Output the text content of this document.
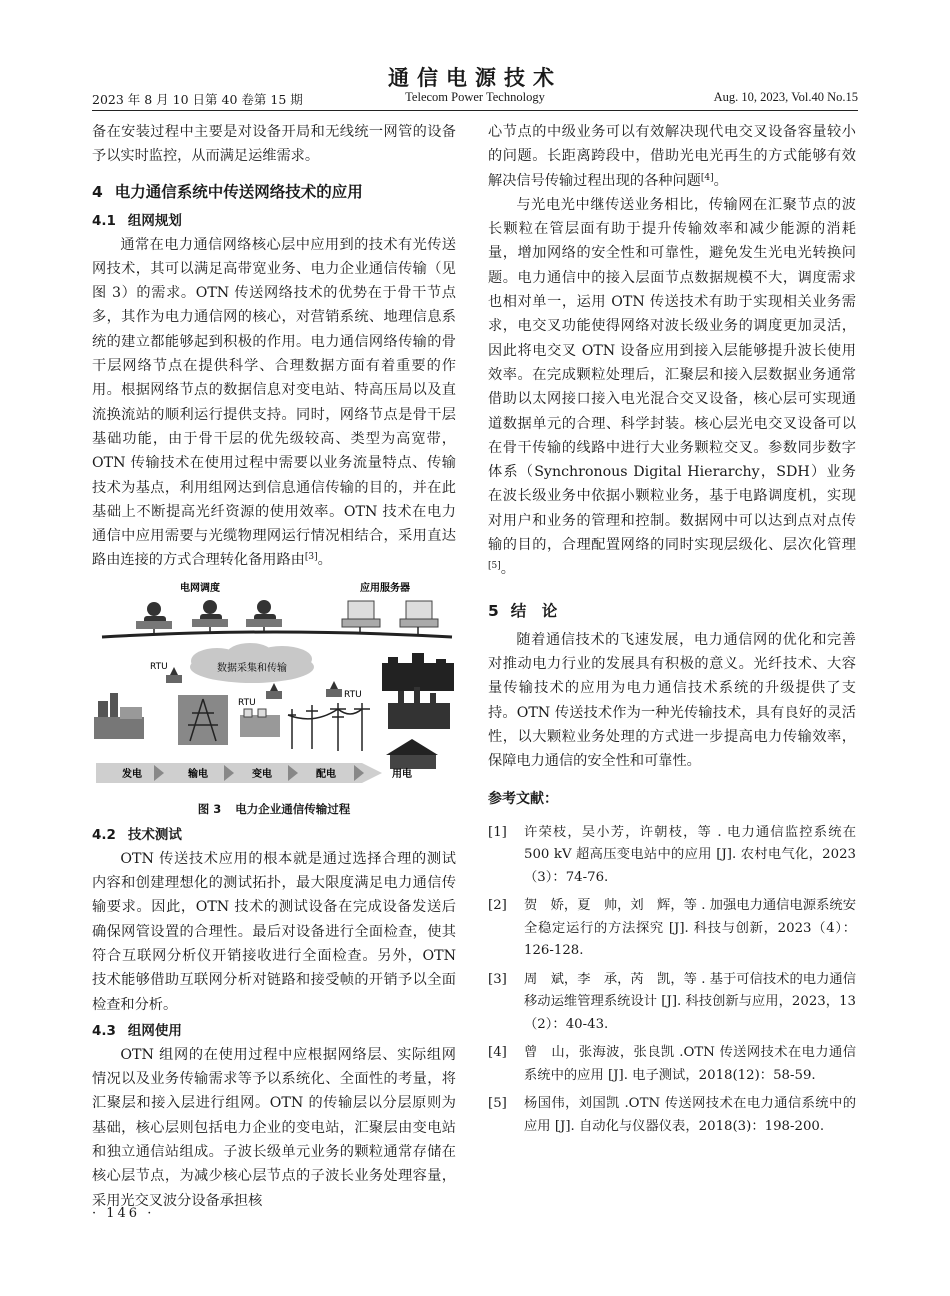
通信电源技术
2023 年 8 月 10 日第 40 卷第 15 期	Telecom Power Technology	Aug. 10, 2023, Vol.40 No.15

备在安装过程中主要是对设备开局和无线统一网管的设备予以实时监控，从而满足运维需求。

4 电力通信系统中传送网络技术的应用
4.1 组网规划

通常在电力通信网络核心层中应用到的技术有光传送网技术，其可以满足高带宽业务、电力企业通信传输（见图 3）的需求。OTN 传送网络技术的优势在于骨干节点多，其作为电力通信网的核心，对营销系统、地理信息系统的建立都能够起到积极的作用。电力通信网络传输的骨干层网络节点在提供科学、合理数据方面有着重要的作用。根据网络节点的数据信息对变电站、特高压局以及直流换流站的顺利运行提供支持。同时，网络节点是骨干层基础功能，由于骨干层的优先级较高、类型为高宽带，OTN 传输技术在使用过程中需要以业务流量特点、传输技术为基点，利用组网达到信息通信传输的目的，并在此基础上不断提高光纤资源的使用效率。OTN 技术在电力通信中应用需要与光缆物理网运行情况相结合，采用直达路由连接的方式合理转化备用路由[3]。

电网调度	应用服务器
数据采集和传输
RTU
RTU
RTU
发电	输电	变电	配电	用电
图 3 电力企业通信传输过程
4.2 技术测试

OTN 传送技术应用的根本就是通过选择合理的测试内容和创建理想化的测试拓扑，最大限度满足电力通信传输要求。因此，OTN 技术的测试设备在完成设备发送后确保网管设置的合理性。最后对设备进行全面检查，使其符合互联网分析仪开销接收进行全面检查。另外，OTN 技术能够借助互联网分析对链路和接受帧的开销予以全面检查和分析。

4.3 组网使用

OTN 组网的在使用过程中应根据网络层、实际组网情况以及业务传输需求等予以系统化、全面性的考量，将汇聚层和接入层进行组网。OTN 的传输层以分层原则为基础，核心层则包括电力企业的变电站，汇聚层由变电站和独立通信站组成。子波长级单元业务的颗粒通常存储在核心层节点，为减少核心层节点的子波长业务处理容量，采用光交叉波分设备承担核

心节点的中级业务可以有效解决现代电交叉设备容量较小的问题。长距离跨段中，借助光电光再生的方式能够有效解决信号传输过程出现的各种问题[4]。

与光电光中继传送业务相比，传输网在汇聚节点的波长颗粒在管层面有助于提升传输效率和减少能源的消耗量，增加网络的安全性和可靠性，避免发生光电光转换问题。电力通信中的接入层面节点数据规模不大，调度需求也相对单一，运用 OTN 传送技术有助于实现相关业务需求，电交叉功能使得网络对波长级业务的调度更加灵活，因此将电交叉 OTN 设备应用到接入层能够提升波长使用效率。在完成颗粒处理后，汇聚层和接入层数据业务通常借助以太网接口接入电光混合交叉设备，核心层可实现通道数据单元的合理、科学封装。核心层光电交叉设备可以在骨干传输的线路中进行大业务颗粒交叉。参数同步数字体系（Synchronous Digital Hierarchy，SDH）业务在波长级业务中依据小颗粒业务，基于电路调度机，实现对用户和业务的管理和控制。数据网中可以达到点对点传输的目的，合理配置网络的同时实现层级化、层次化管理[5]。

5 结　论

随着通信技术的飞速发展，电力通信网的优化和完善对推动电力行业的发展具有积极的意义。光纤技术、大容量传输技术的应用为电力通信技术系统的升级提供了支持。OTN 传送技术作为一种光传输技术，具有良好的灵活性，以大颗粒业务处理的方式进一步提高电力传输效率，保障电力通信的安全性和可靠性。

参考文献：
[1] 许荣枝，吴小芳，许朝枝，等 . 电力通信监控系统在 500 kV 超高压变电站中的应用 [J]. 农村电气化，2023（3）：74-76.
[2] 贺　娇，夏　帅，刘　辉，等 . 加强电力通信电源系统安全稳定运行的方法探究 [J]. 科技与创新，2023（4）：126-128.
[3] 周　斌，李　承，芮　凯，等 . 基于可信技术的电力通信移动运维管理系统设计 [J]. 科技创新与应用，2023，13（2）：40-43.
[4] 曾　山，张海波，张良凯 .OTN 传送网技术在电力通信系统中的应用 [J]. 电子测试，2018(12)：58-59.
[5] 杨国伟，刘国凯 .OTN 传送网技术在电力通信系统中的应用 [J]. 自动化与仪器仪表，2018(3)：198-200.
· 146 ·
